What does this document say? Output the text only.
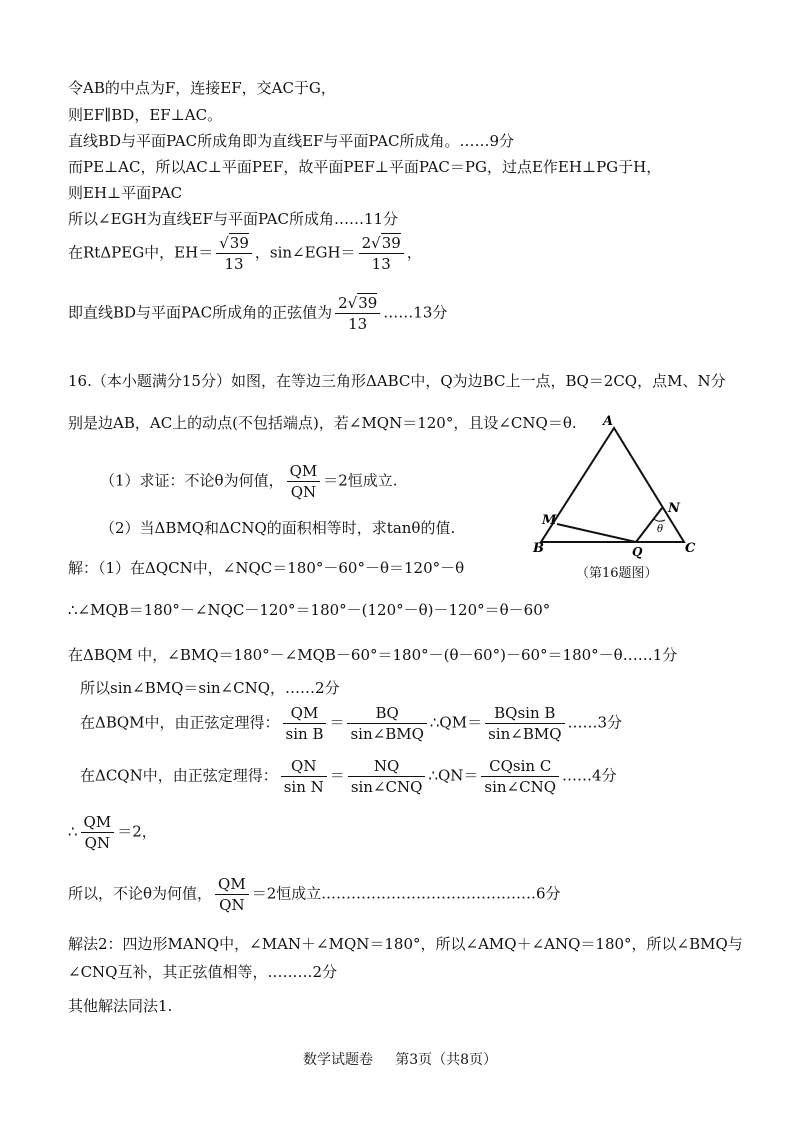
令AB的中点为F，连接EF，交AC于G，
则EF∥BD，EF⊥AC。
直线BD与平面PAC所成角即为直线EF与平面PAC所成角。……9分
而PE⊥AC，所以AC⊥平面PEF，故平面PEF⊥平面PAC＝PG，过点E作EH⊥PG于H，
则EH⊥平面PAC
所以∠EGH为直线EF与平面PAC所成角……11分
在RtΔPEG中，$EH= \frac{√39}{13}$ ，sin∠EGH＝ $\frac{2√39}{13}$ ，
即直线BD与平面PAC所成角的正弦值为 $\frac{2√39}{13}$ ……13分
16.（本小题满分15分）如图，在等边三角形ΔABC中，Q为边BC上一点，BQ＝2CQ，点M、N分
别是边AB，AC上的动点(不包括端点)，若∠MQN＝120°，且设∠CNQ＝θ.
（1）求证：不论θ为何值， $\frac{QM}{QN} =2$恒成立.
（2）当ΔBMQ和ΔCNQ的面积相等时，求tanθ的值.
解：（1）在ΔQCN中，∠NQC＝180°－60°－θ＝120°－θ
∴∠MQB＝180°－∠NQC－120°＝180°－(120°－θ)－120°＝θ－60°
在ΔBQM 中，∠BMQ＝180°－∠MQB－60°＝180°－(θ－60°)－60°＝180°－θ……1分
所以sin∠BMQ＝sin∠CNQ，……2分
在ΔBQM中，由正弦定理得： $\frac{QM}{\text{sin B}} = \frac{BQ}{\text{sin∠BMQ}}$ ∴QM＝ $\frac{\text{BQsin B}}{\text{sin∠BMQ}}$ ……3分
在ΔCQN中，由正弦定理得： $\frac{QN}{\text{sin N}} = \frac{NQ}{\text{sin∠CNQ}}$ ∴QN＝ $\frac{\text{CQsin C}}{\text{sin∠CNQ}}$ ……4分
∴ $\frac{QM}{QN} =2$，
所以，不论θ为何值， $\frac{QM}{QN} =2$恒成立.……………………………………6分
解法2：四边形MANQ中，∠MAN＋∠MQN＝180°，所以∠AMQ＋∠ANQ＝180°，所以∠BMQ与
∠CNQ互补，其正弦值相等，………2分
其他解法同法1.
A
B	C
M
N
Q
θ
（第16题图）
数学试题卷 第3页（共8页）
